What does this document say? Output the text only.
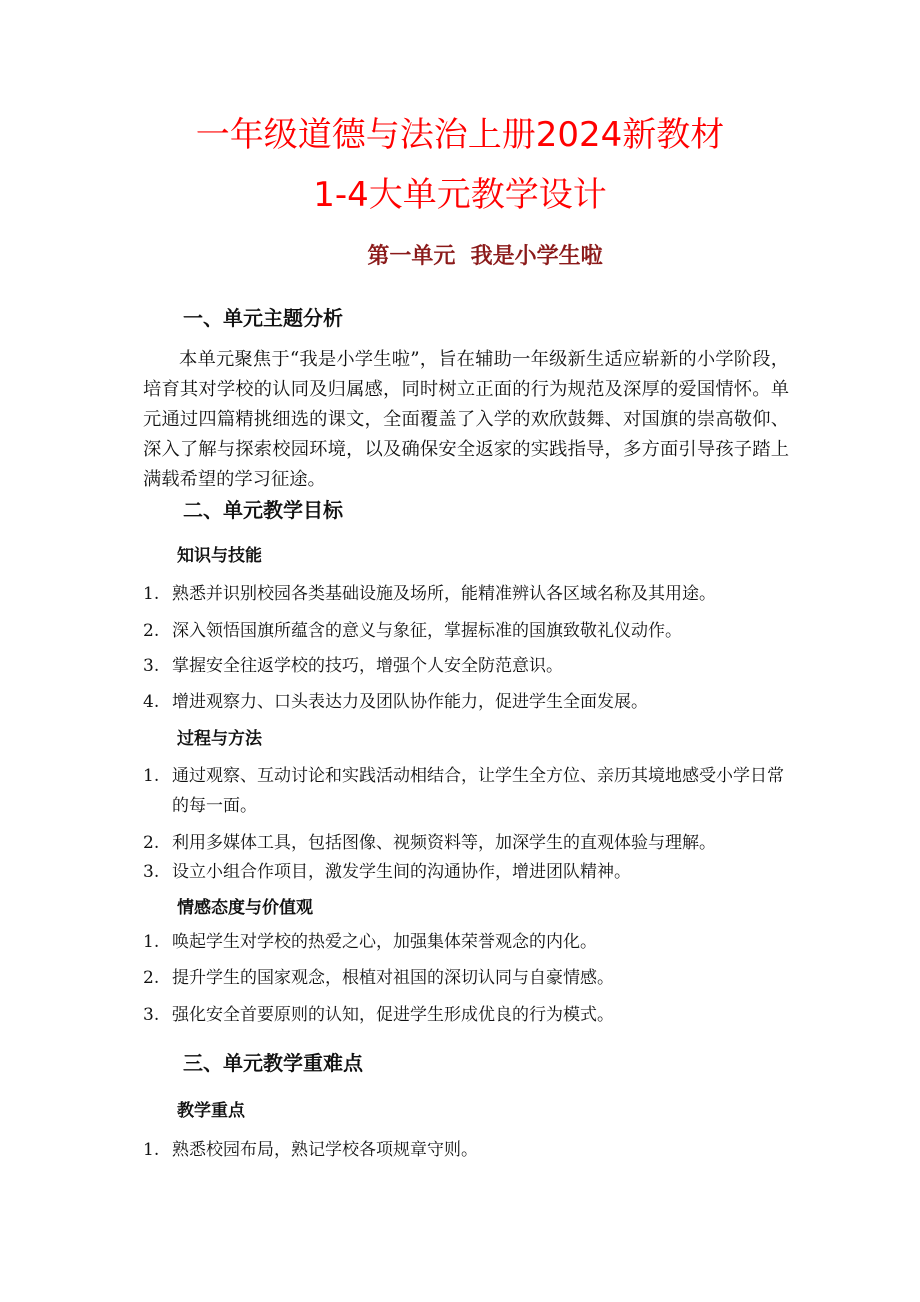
一年级道德与法治上册2024新教材
1-4大单元教学设计
第一单元  我是小学生啦
一、单元主题分析
本单元聚焦于“我是小学生啦”，旨在辅助一年级新生适应崭新的小学阶段，培育其对学校的认同及归属感，同时树立正面的行为规范及深厚的爱国情怀。单元通过四篇精挑细选的课文，全面覆盖了入学的欢欣鼓舞、对国旗的崇高敬仰、深入了解与探索校园环境，以及确保安全返家的实践指导，多方面引导孩子踏上满载希望的学习征途。
二、单元教学目标
知识与技能
1. 熟悉并识别校园各类基础设施及场所，能精准辨认各区域名称及其用途。
2. 深入领悟国旗所蕴含的意义与象征，掌握标准的国旗致敬礼仪动作。
3. 掌握安全往返学校的技巧，增强个人安全防范意识。
4. 增进观察力、口头表达力及团队协作能力，促进学生全面发展。
过程与方法
1. 通过观察、互动讨论和实践活动相结合，让学生全方位、亲历其境地感受小学日常的每一面。
2. 利用多媒体工具，包括图像、视频资料等，加深学生的直观体验与理解。
3. 设立小组合作项目，激发学生间的沟通协作，增进团队精神。
情感态度与价值观
1. 唤起学生对学校的热爱之心，加强集体荣誉观念的内化。
2. 提升学生的国家观念，根植对祖国的深切认同与自豪情感。
3. 强化安全首要原则的认知，促进学生形成优良的行为模式。
三、单元教学重难点
教学重点
1. 熟悉校园布局，熟记学校各项规章守则。
